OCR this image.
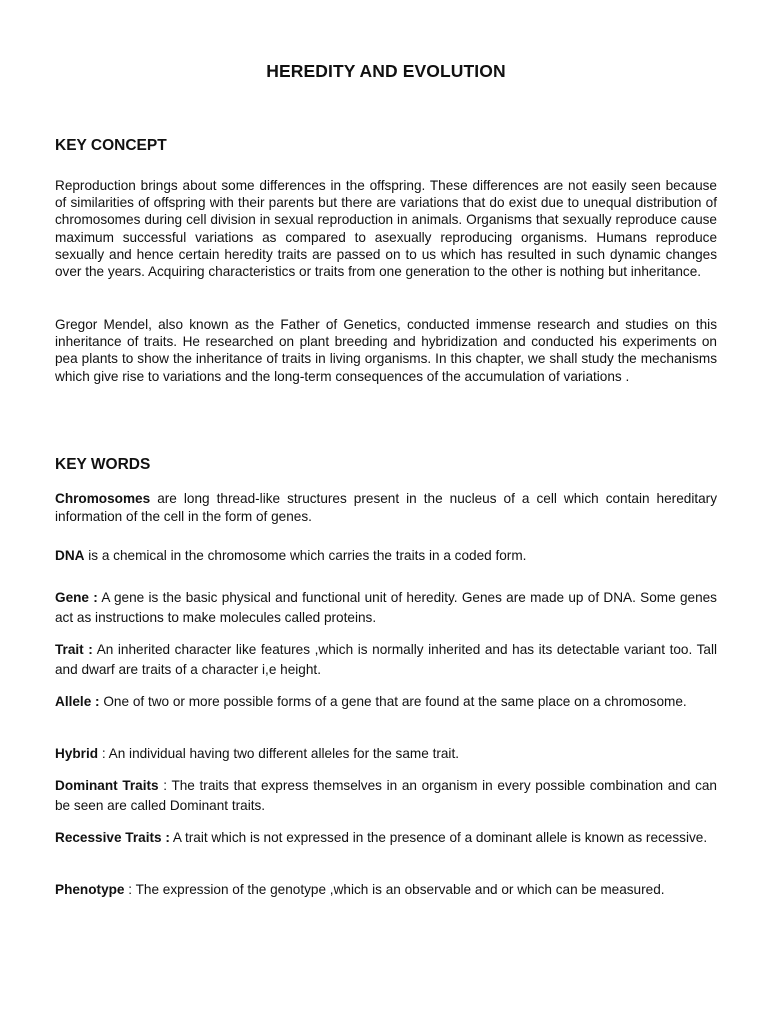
HEREDITY AND EVOLUTION
KEY CONCEPT

Reproduction brings about some differences in the offspring. These differences are not easily seen because of similarities of offspring with their parents but there are variations that do exist due to unequal distribution of chromosomes during cell division in sexual reproduction in animals. Organisms that sexually reproduce cause maximum successful variations as compared to asexually reproducing organisms. Humans reproduce sexually and hence certain heredity traits are passed on to us which has resulted in such dynamic changes over the years. Acquiring characteristics or traits from one generation to the other is nothing but inheritance.

Gregor Mendel, also known as the Father of Genetics, conducted immense research and studies on this inheritance of traits. He researched on plant breeding and hybridization and conducted his experiments on pea plants to show the inheritance of traits in living organisms. In this chapter, we shall study the mechanisms which give rise to variations and the long-term consequences of the accumulation of variations .

KEY WORDS

Chromosomes are long thread-like structures present in the nucleus of a cell which contain hereditary information of the cell in the form of genes.

DNA is a chemical in the chromosome which carries the traits in a coded form.

Gene : A gene is the basic physical and functional unit of heredity. Genes are made up of DNA. Some genes act as instructions to make molecules called proteins.

Trait : An inherited character like features ,which is normally inherited and has its detectable variant too. Tall and dwarf are traits of a character i,e height.

Allele : One of two or more possible forms of a gene that are found at the same place on a chromosome.

Hybrid : An individual having two different alleles for the same trait.

Dominant Traits : The traits that express themselves in an organism in every possible combination and can be seen are called Dominant traits.

Recessive Traits : A trait which is not expressed in the presence of a dominant allele is known as recessive.

Phenotype : The expression of the genotype ,which is an observable and or which can be measured.
